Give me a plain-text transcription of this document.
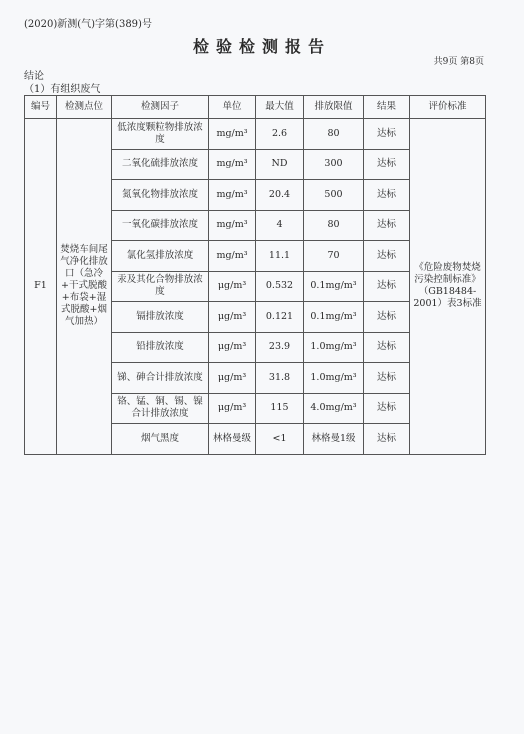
(2020)新测(气)字第(389)号
检验检测报告
共9页 第8页
结论
（1）有组织废气
编号	检测点位	检测因子	单位	最大值	排放限值	结果	评价标准
F1	焚烧车间尾气净化排放口（急冷+干式脱酸+布袋+湿式脱酸+烟气加热）	低浓度颗粒物排放浓度	mg/m³	2.6	80	达标	《危险废物焚烧污染控制标准》（GB18484-2001）表3标准
		二氧化硫排放浓度	mg/m³	ND	300	达标	
		氮氧化物排放浓度	mg/m³	20.4	500	达标	
		一氧化碳排放浓度	mg/m³	4	80	达标	
		氯化氢排放浓度	mg/m³	11.1	70	达标	
		汞及其化合物排放浓度	μg/m³	0.532	0.1mg/m³	达标	
		镉排放浓度	μg/m³	0.121	0.1mg/m³	达标	
		铅排放浓度	μg/m³	23.9	1.0mg/m³	达标	
		锑、砷合计排放浓度	μg/m³	31.8	1.0mg/m³	达标	
		铬、锰、铜、锡、镍合计排放浓度	μg/m³	115	4.0mg/m³	达标	
		烟气黑度	林格曼级	<1	林格曼1级	达标	
